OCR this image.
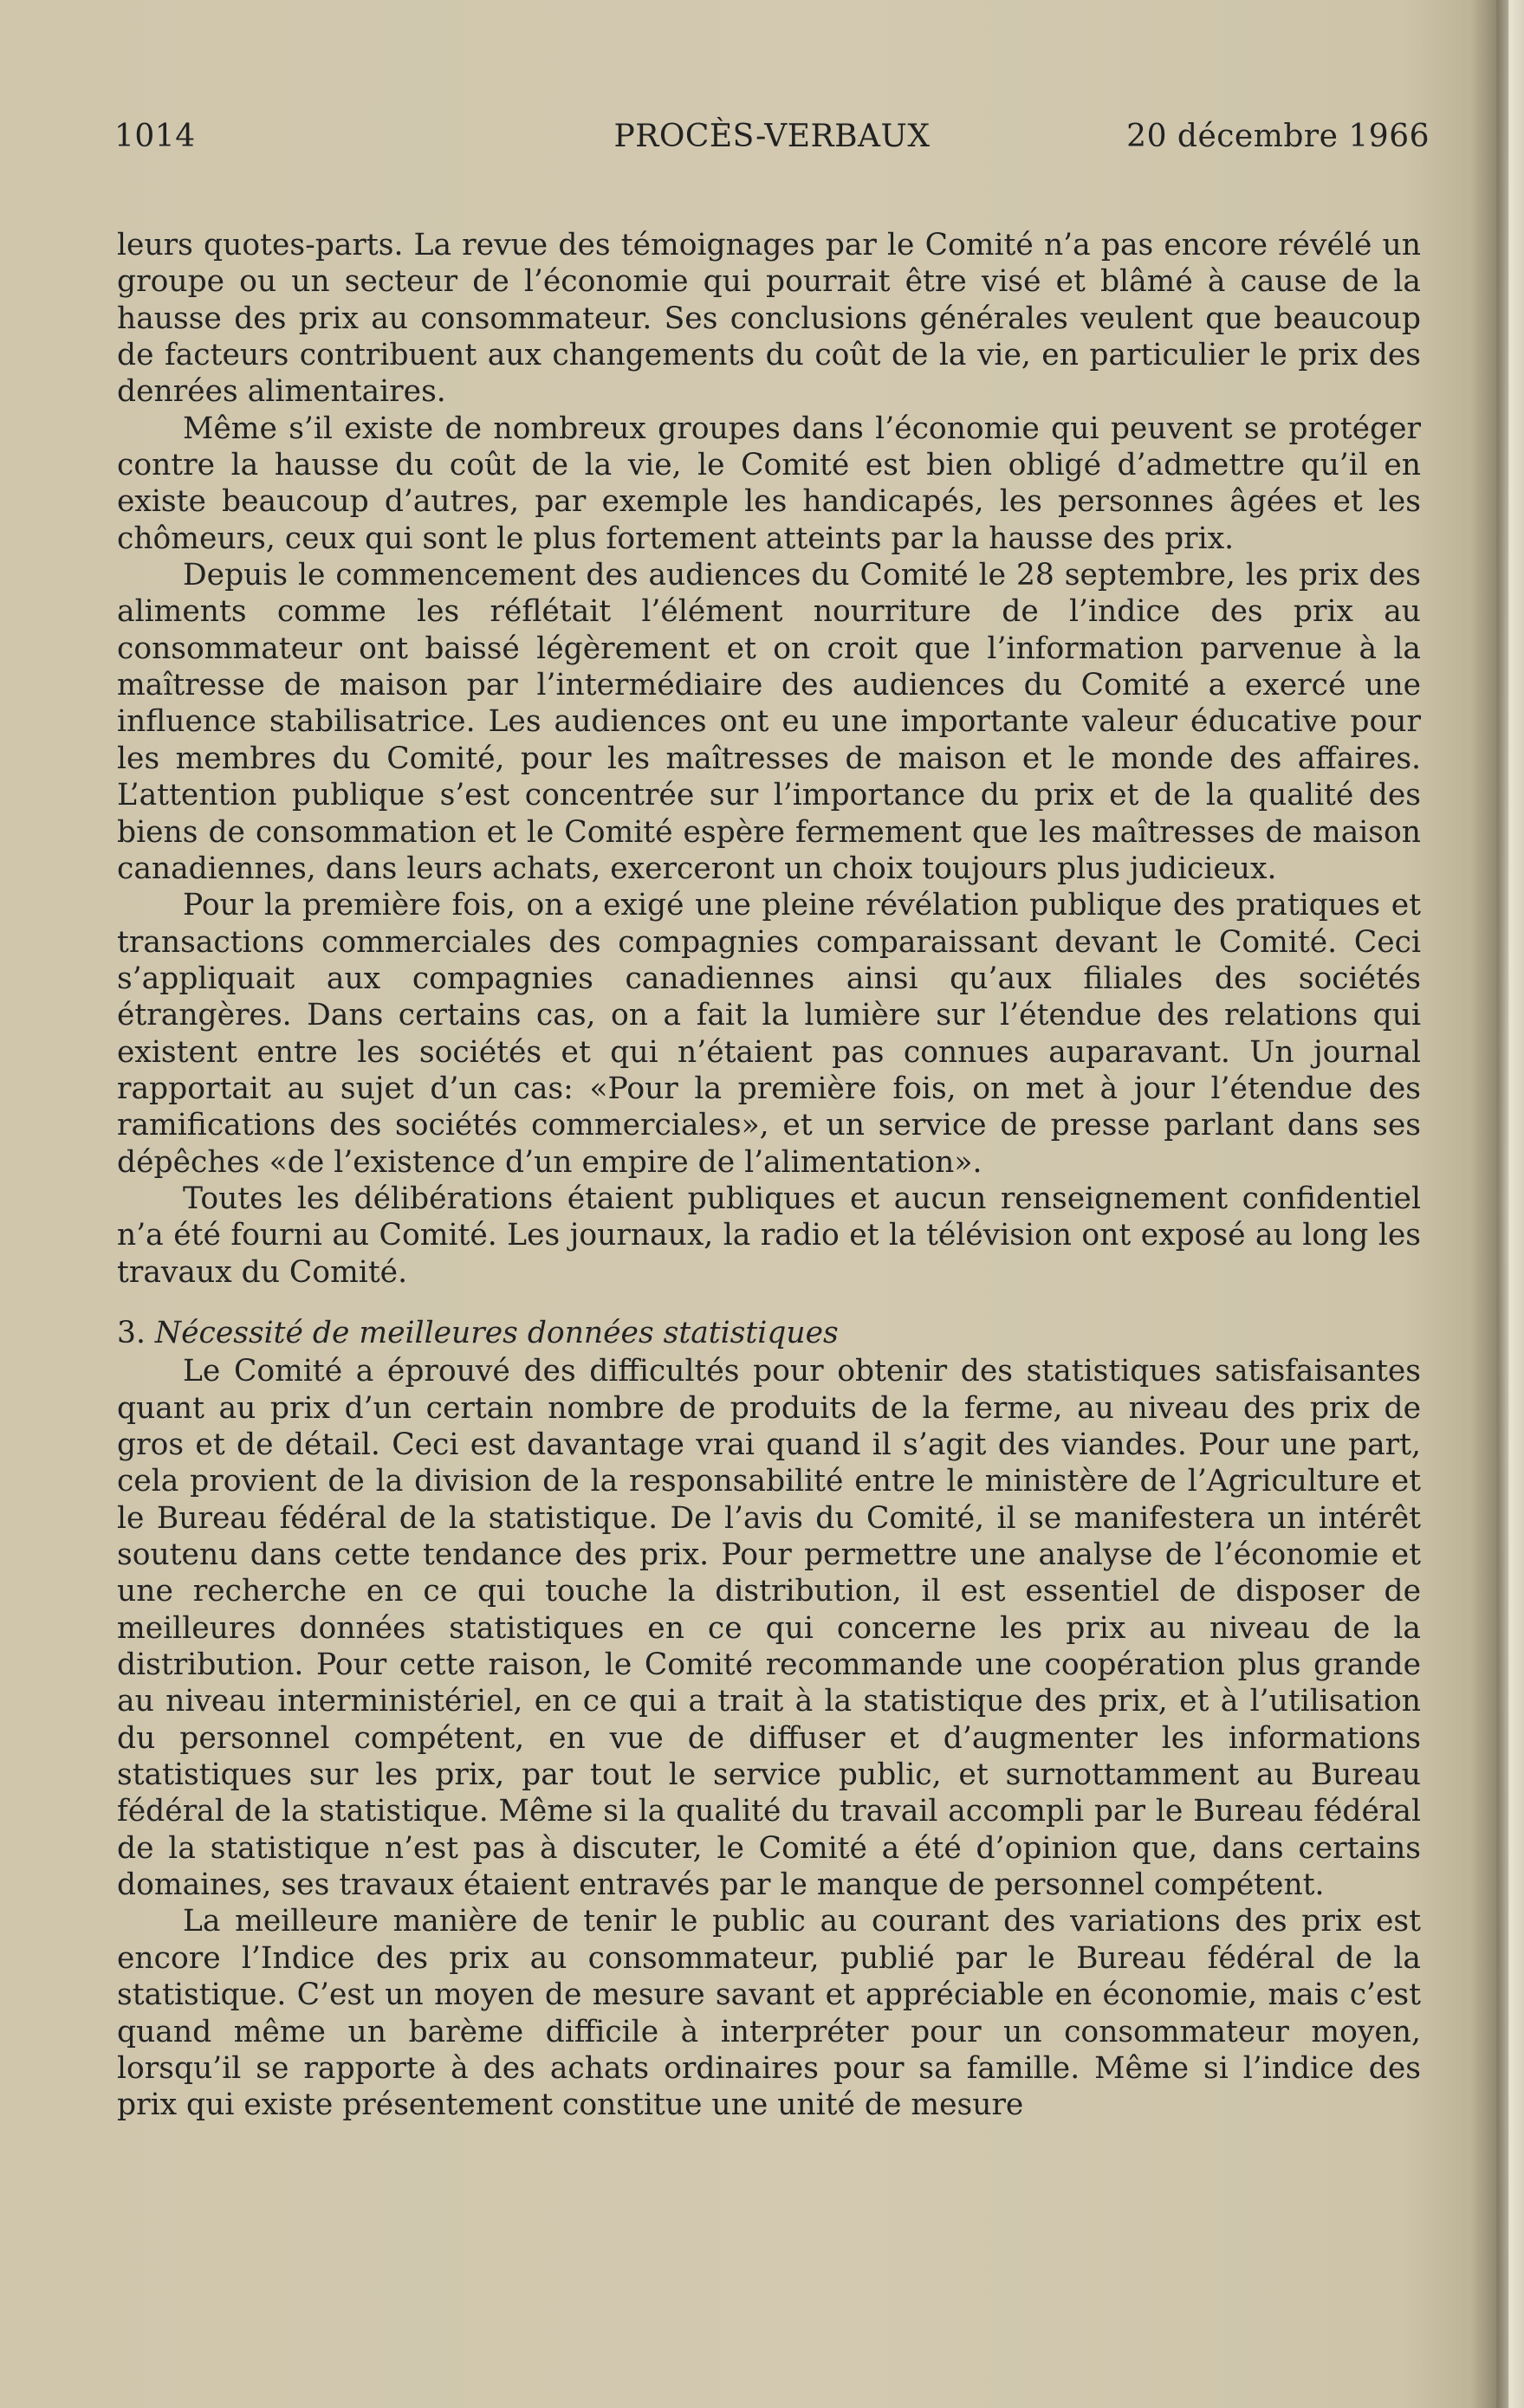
1014	PROCÈS-VERBAUX	20 décembre 1966

leurs quotes-parts. La revue des témoignages par le Comité n’a pas encore révélé un groupe ou un secteur de l’économie qui pourrait être visé et blâmé à cause de la hausse des prix au consommateur. Ses conclusions générales veulent que beaucoup de facteurs contribuent aux changements du coût de la vie, en particulier le prix des denrées alimentaires.

Même s’il existe de nombreux groupes dans l’économie qui peuvent se protéger contre la hausse du coût de la vie, le Comité est bien obligé d’admettre qu’il en existe beaucoup d’autres, par exemple les handicapés, les personnes âgées et les chômeurs, ceux qui sont le plus fortement atteints par la hausse des prix.

Depuis le commencement des audiences du Comité le 28 septembre, les prix des aliments comme les réflétait l’élément nourriture de l’indice des prix au consommateur ont baissé légèrement et on croit que l’information parvenue à la maîtresse de maison par l’intermédiaire des audiences du Comité a exercé une influence stabilisatrice. Les audiences ont eu une importante valeur éducative pour les membres du Comité, pour les maîtresses de maison et le monde des affaires. L’attention publique s’est concentrée sur l’importance du prix et de la qualité des biens de consommation et le Comité espère fermement que les maîtresses de maison canadiennes, dans leurs achats, exerceront un choix toujours plus judicieux.

Pour la première fois, on a exigé une pleine révélation publique des pratiques et transactions commerciales des compagnies comparaissant devant le Comité. Ceci s’appliquait aux compagnies canadiennes ainsi qu’aux filiales des sociétés étrangères. Dans certains cas, on a fait la lumière sur l’étendue des relations qui existent entre les sociétés et qui n’étaient pas connues auparavant. Un journal rapportait au sujet d’un cas: «Pour la première fois, on met à jour l’étendue des ramifications des sociétés commerciales», et un service de presse parlant dans ses dépêches «de l’existence d’un empire de l’alimentation».

Toutes les délibérations étaient publiques et aucun renseignement confidentiel n’a été fourni au Comité. Les journaux, la radio et la télévision ont exposé au long les travaux du Comité.

3. Nécessité de meilleures données statistiques

Le Comité a éprouvé des difficultés pour obtenir des statistiques satisfaisantes quant au prix d’un certain nombre de produits de la ferme, au niveau des prix de gros et de détail. Ceci est davantage vrai quand il s’agit des viandes. Pour une part, cela provient de la division de la responsabilité entre le ministère de l’Agriculture et le Bureau fédéral de la statistique. De l’avis du Comité, il se manifestera un intérêt soutenu dans cette tendance des prix. Pour permettre une analyse de l’économie et une recherche en ce qui touche la distribution, il est essentiel de disposer de meilleures données statistiques en ce qui concerne les prix au niveau de la distribution. Pour cette raison, le Comité recommande une coopération plus grande au niveau interministériel, en ce qui a trait à la statistique des prix, et à l’utilisation du personnel compétent, en vue de diffuser et d’augmenter les informations statistiques sur les prix, par tout le service public, et surnottamment au Bureau fédéral de la statistique. Même si la qualité du travail accompli par le Bureau fédéral de la statistique n’est pas à discuter, le Comité a été d’opinion que, dans certains domaines, ses travaux étaient entravés par le manque de personnel compétent.

La meilleure manière de tenir le public au courant des variations des prix est encore l’Indice des prix au consommateur, publié par le Bureau fédéral de la statistique. C’est un moyen de mesure savant et appréciable en économie, mais c’est quand même un barème difficile à interpréter pour un consommateur moyen, lorsqu’il se rapporte à des achats ordinaires pour sa famille. Même si l’indice des prix qui existe présentement constitue une unité de mesure
